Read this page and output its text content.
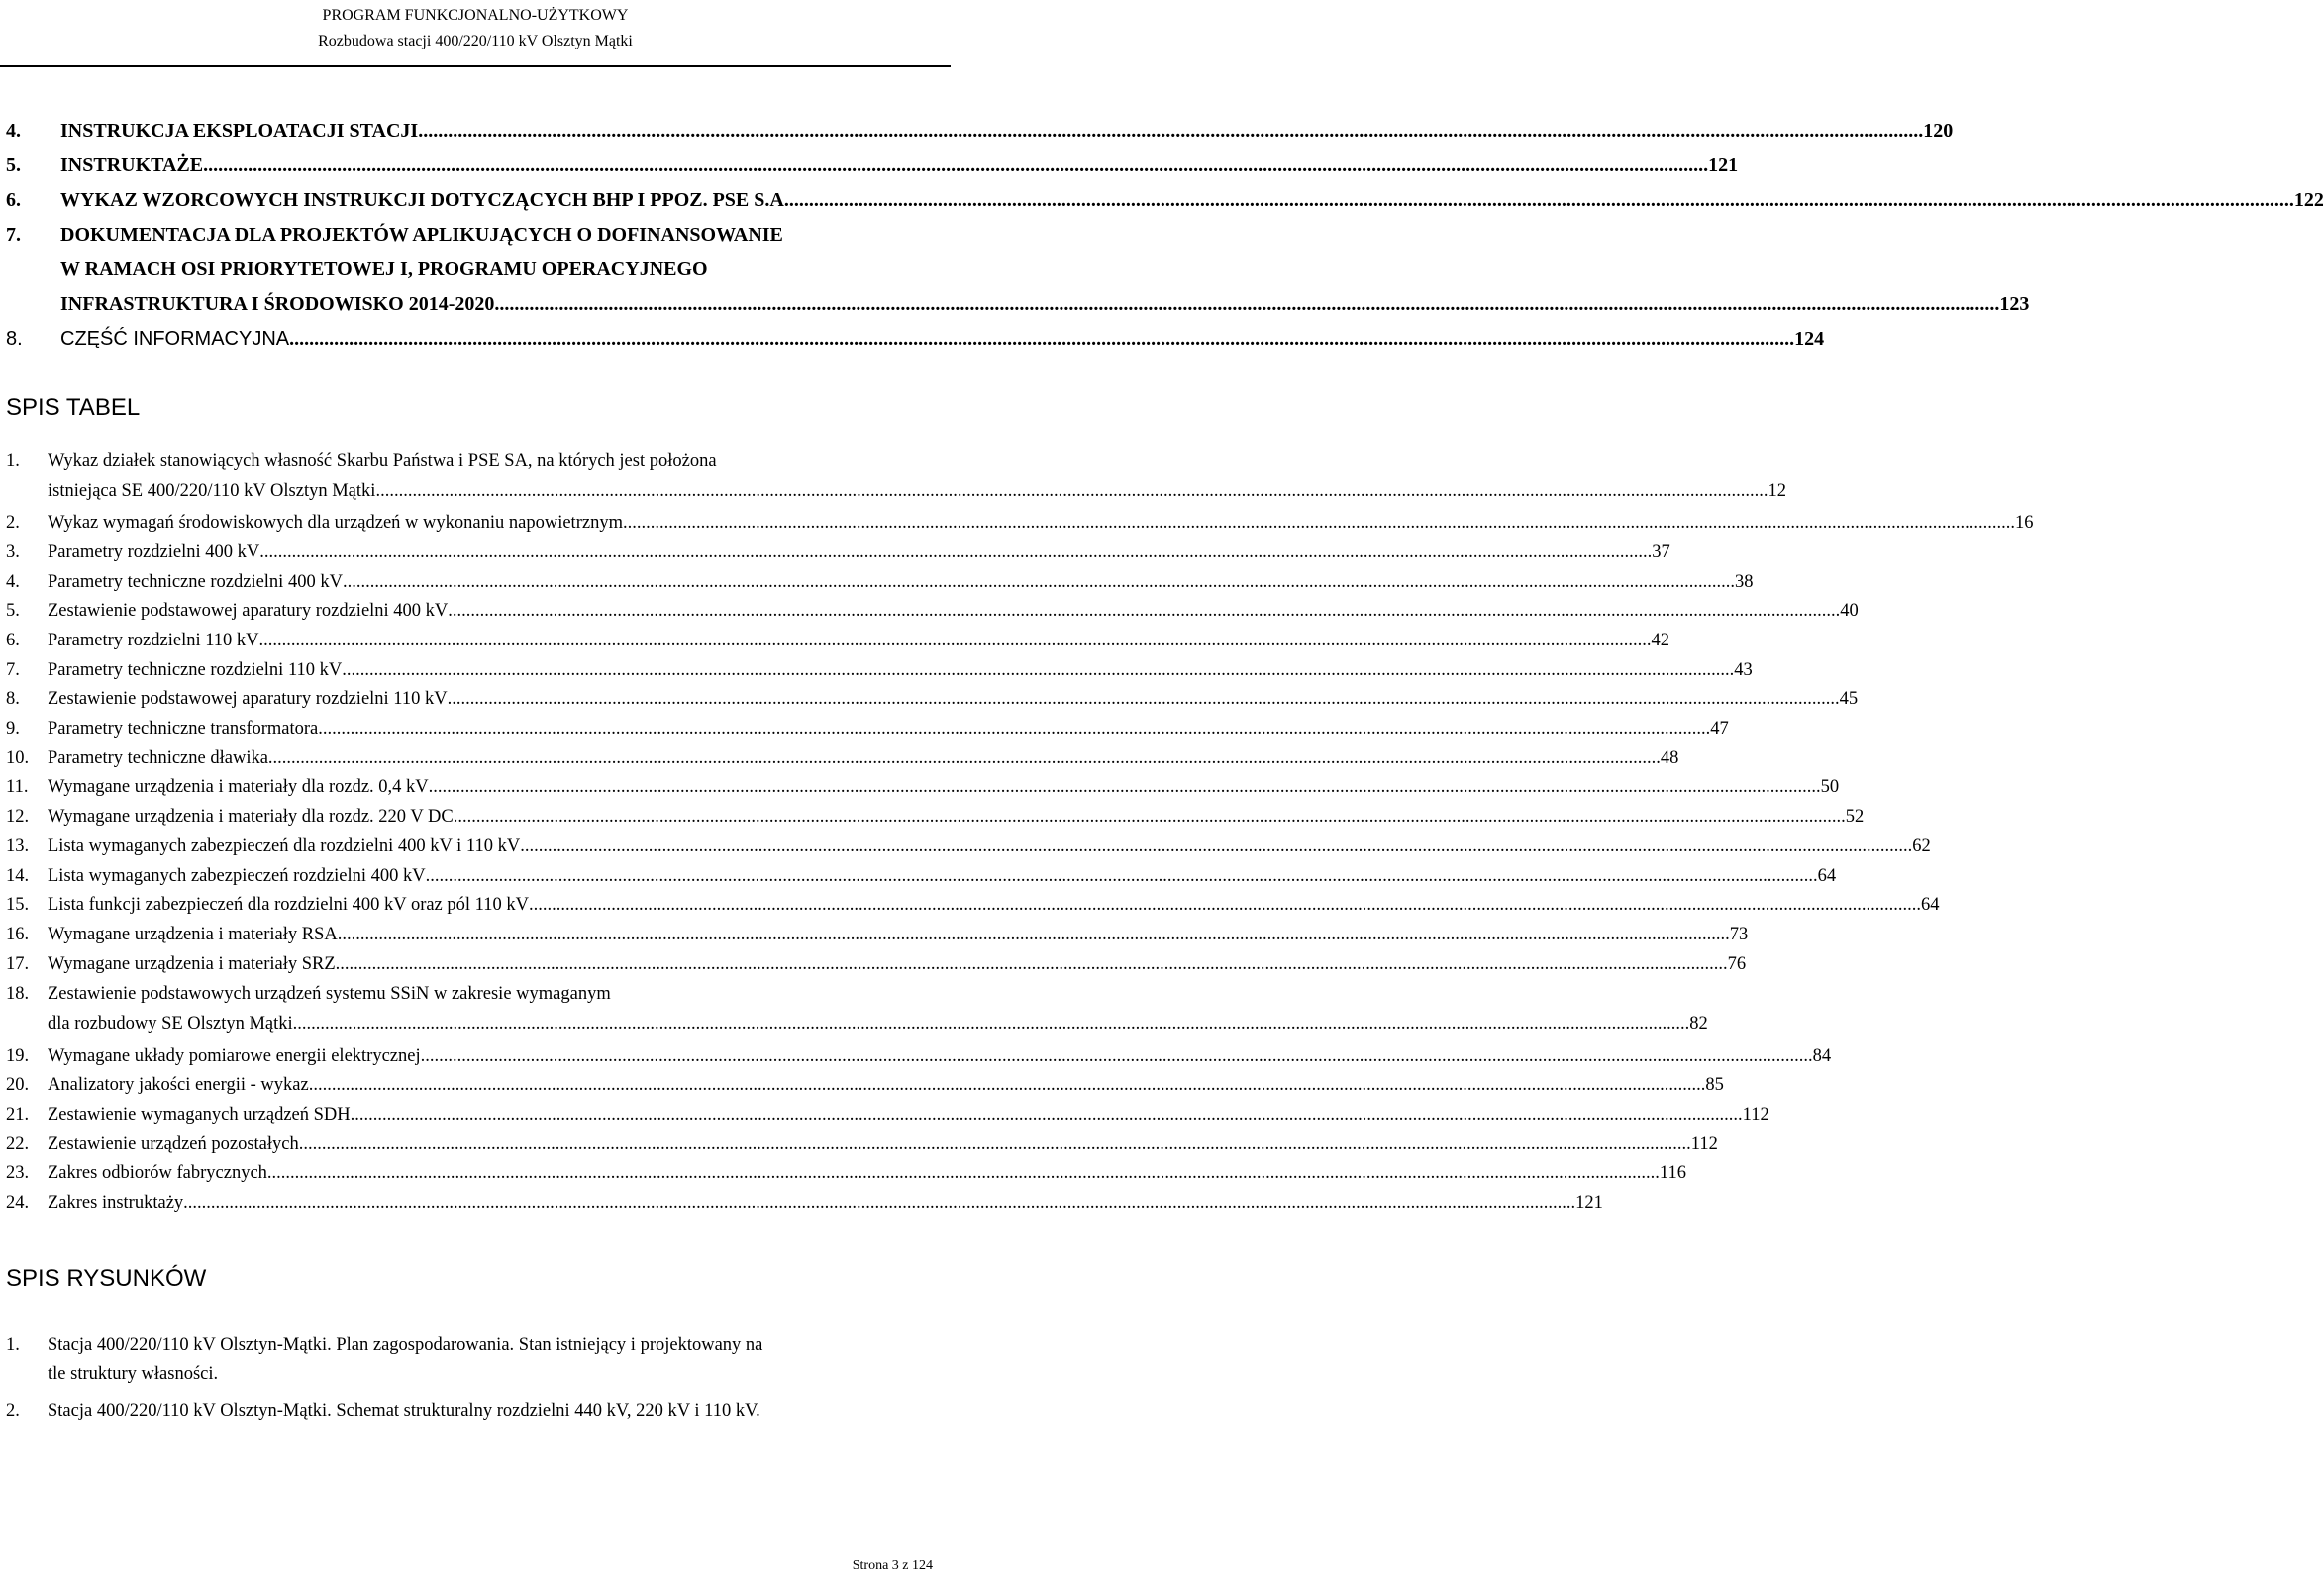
PROGRAM FUNKCJONALNO-UŻYTKOWY
Rozbudowa stacji 400/220/110 kV Olsztyn Mątki
4.	INSTRUKCJA EKSPLOATACJI STACJI .....	120
5.	INSTRUKTAŻE .....	121
6.	WYKAZ WZORCOWYCH INSTRUKCJI DOTYCZĄCYCH BHP I PPOZ. PSE S.A. .....	122
7.	DOKUMENTACJA DLA PROJEKTÓW APLIKUJĄCYCH O DOFINANSOWANIE
W RAMACH OSI PRIORYTETOWEJ I, PROGRAMU OPERACYJNEGO
INFRASTRUKTURA I ŚRODOWISKO 2014-2020 .....	123
8.	CZĘŚĆ INFORMACYJNA .....	124
SPIS TABEL
1.	Wykaz działek stanowiących własność Skarbu Państwa i PSE SA, na których jest położona
istniejąca SE 400/220/110 kV Olsztyn Mątki .....	12
2.	Wykaz wymagań środowiskowych dla urządzeń w wykonaniu napowietrznym .....	16
3.	Parametry rozdzielni 400 kV .....	37
4.	Parametry techniczne rozdzielni 400 kV .....	38
5.	Zestawienie podstawowej aparatury rozdzielni 400 kV .....	40
6.	Parametry rozdzielni 110 kV .....	42
7.	Parametry techniczne rozdzielni 110 kV .....	43
8.	Zestawienie podstawowej aparatury rozdzielni 110 kV .....	45
9.	Parametry techniczne transformatora .....	47
10.	Parametry techniczne dławika .....	48
11.	Wymagane urządzenia i materiały dla rozdz. 0,4 kV .....	50
12.	Wymagane urządzenia i materiały dla rozdz. 220 V DC .....	52
13.	Lista wymaganych zabezpieczeń dla rozdzielni 400 kV i 110 kV .....	62
14.	Lista wymaganych zabezpieczeń rozdzielni 400 kV .....	64
15.	Lista funkcji zabezpieczeń dla rozdzielni 400 kV oraz pól 110 kV .....	64
16.	Wymagane urządzenia i materiały RSA .....	73
17.	Wymagane urządzenia i materiały SRZ .....	76
18.	Zestawienie podstawowych urządzeń systemu SSiN w zakresie wymaganym
dla rozbudowy SE Olsztyn Mątki. .....	82
19.	Wymagane układy pomiarowe energii elektrycznej .....	84
20.	Analizatory jakości energii - wykaz. .....	85
21.	Zestawienie wymaganych urządzeń SDH .....	112
22.	Zestawienie urządzeń pozostałych .....	112
23.	Zakres odbiorów fabrycznych .....	116
24.	Zakres instruktaży .....	121
SPIS RYSUNKÓW
1.	Stacja 400/220/110 kV Olsztyn-Mątki. Plan zagospodarowania. Stan istniejący i projektowany na
tle struktury własności.
2.	Stacja 400/220/110 kV Olsztyn-Mątki. Schemat strukturalny rozdzielni 440 kV, 220 kV i 110 kV.
Strona 3 z 124
